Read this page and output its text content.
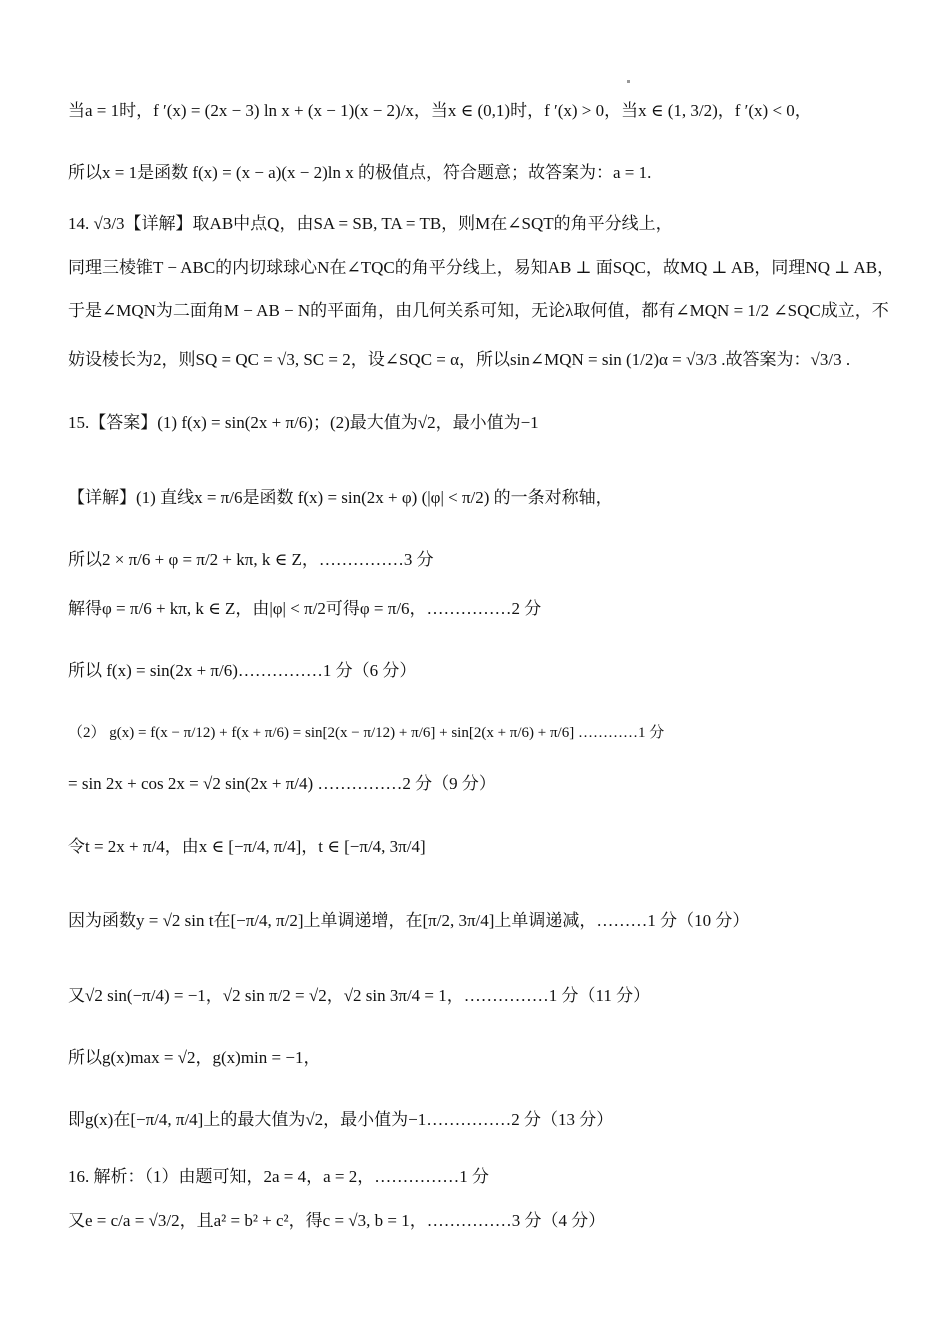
当a = 1时，f ′(x) = (2x − 3) ln x + (x − 1)(x − 2)/x，当x ∈ (0,1)时，f ′(x) > 0，当x ∈ (1, 3/2)，f ′(x) < 0，
所以x = 1是函数 f(x) = (x − a)(x − 2)ln x 的极值点，符合题意；故答案为：a = 1.
14. √3/3【详解】取AB中点Q，由SA = SB, TA = TB，则M在∠SQT的角平分线上，
同理三棱锥T − ABC的内切球球心N在∠TQC的角平分线上，易知AB ⊥ 面SQC，故MQ ⊥ AB，同理NQ ⊥ AB，
于是∠MQN为二面角M − AB − N的平面角，由几何关系可知，无论λ取何值，都有∠MQN = 1/2 ∠SQC成立，不
妨设棱长为2，则SQ = QC = √3, SC = 2，设∠SQC = α，所以sin∠MQN = sin (1/2)α = √3/3 .故答案为：√3/3 .
15.【答案】(1) f(x) = sin(2x + π/6)；(2)最大值为√2，最小值为−1
【详解】(1) 直线x = π/6是函数 f(x) = sin(2x + φ) (|φ| < π/2) 的一条对称轴，
所以2 × π/6 + φ = π/2 + kπ, k ∈ Z，……………3 分
解得φ = π/6 + kπ, k ∈ Z，由|φ| < π/2可得φ = π/6，……………2 分
所以 f(x) = sin(2x + π/6)……………1 分（6 分）
（2） g(x) = f(x − π/12) + f(x + π/6) = sin[2(x − π/12) + π/6] + sin[2(x + π/6) + π/6] …………1 分
= sin 2x + cos 2x = √2 sin(2x + π/4) ……………2 分（9 分）
令t = 2x + π/4，由x ∈ [−π/4, π/4]，t ∈ [−π/4, 3π/4]
因为函数y = √2 sin t在[−π/4, π/2]上单调递增，在[π/2, 3π/4]上单调递减，………1 分（10 分）
又√2 sin(−π/4) = −1，√2 sin π/2 = √2，√2 sin 3π/4 = 1，……………1 分（11 分）
所以g(x)max = √2，g(x)min = −1，
即g(x)在[−π/4, π/4]上的最大值为√2，最小值为−1……………2 分（13 分）
16. 解析：（1）由题可知，2a = 4，a = 2，……………1 分
又e = c/a = √3/2，且a² = b² + c²，得c = √3, b = 1，……………3 分（4 分）
